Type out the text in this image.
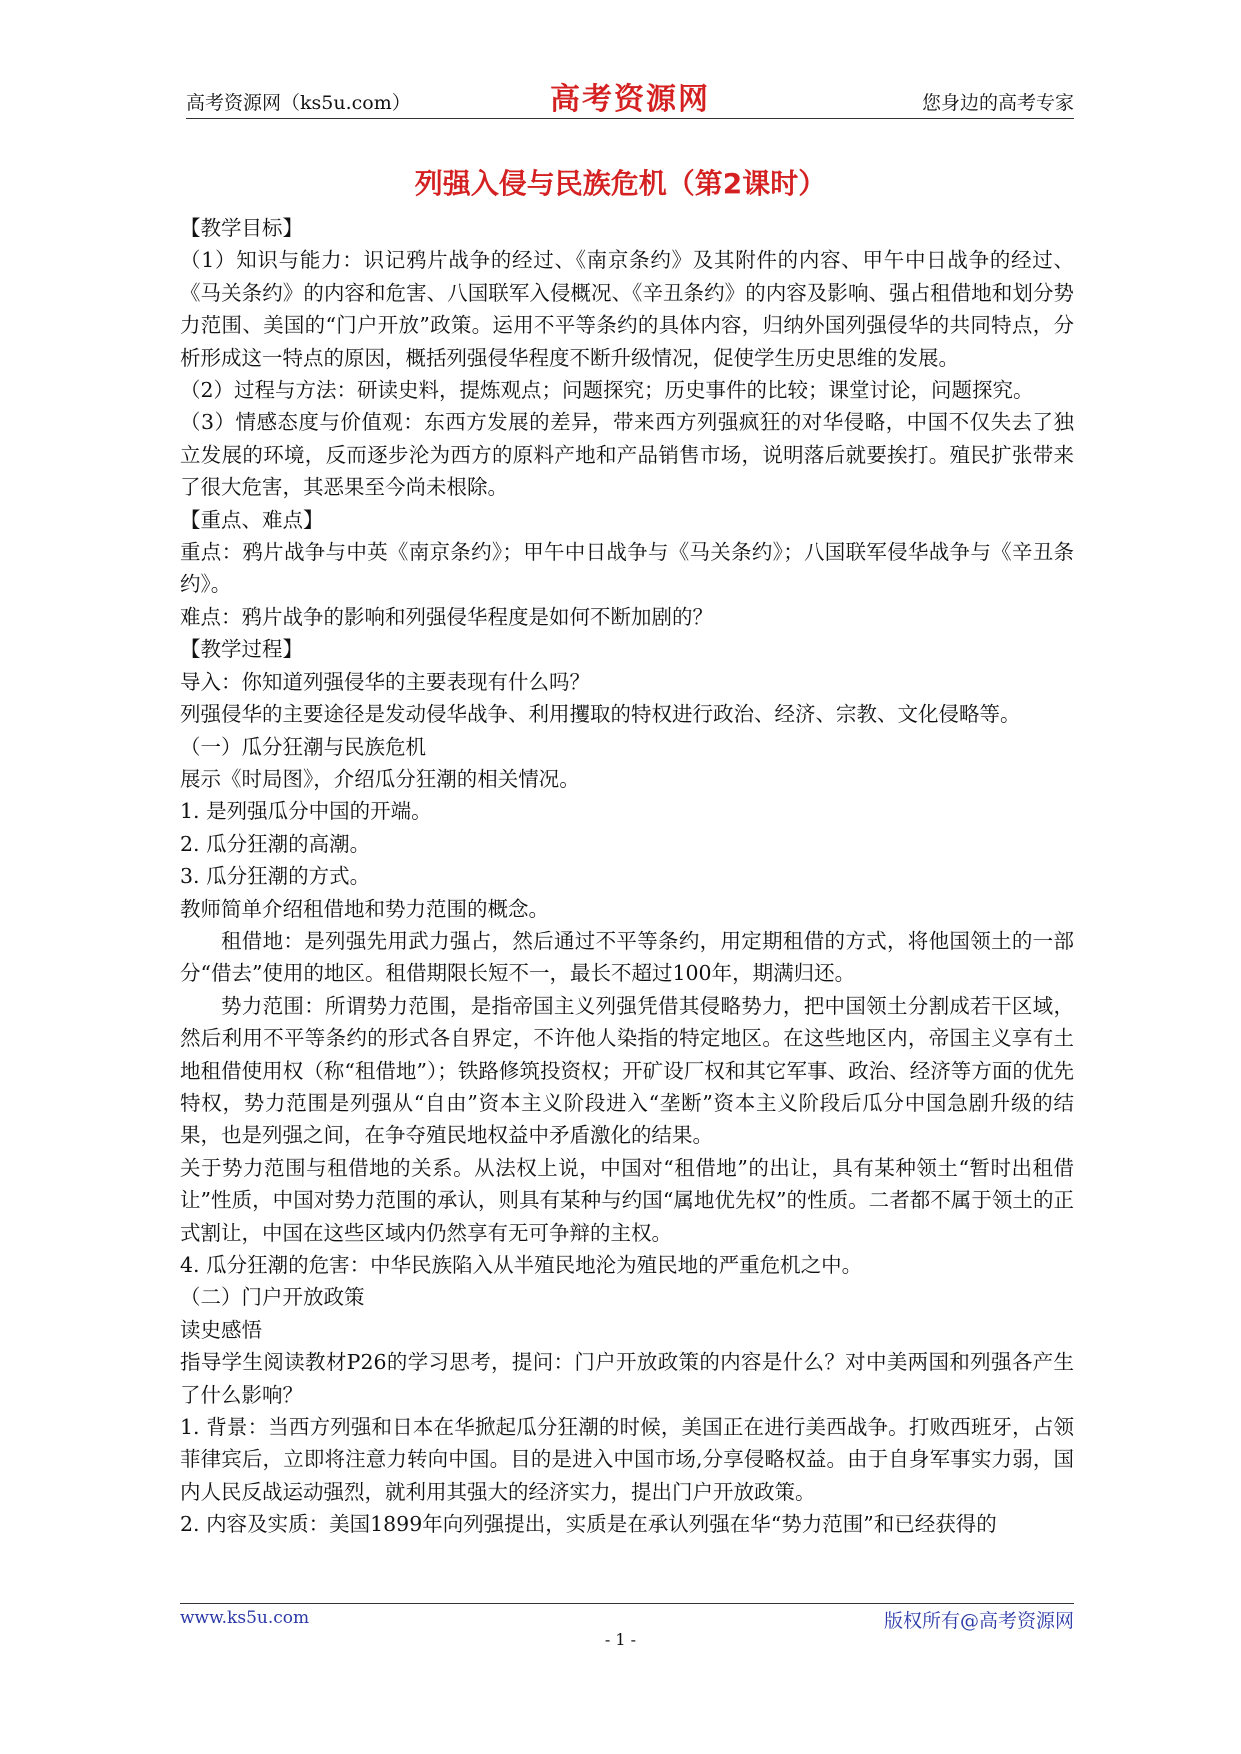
高考资源网（ks5u.com）	高考资源网	您身边的高考专家
列强入侵与民族危机（第2课时）

【教学目标】

（1）知识与能力：识记鸦片战争的经过、《南京条约》及其附件的内容、甲午中日战争的经过、《马关条约》的内容和危害、八国联军入侵概况、《辛丑条约》的内容及影响、强占租借地和划分势力范围、美国的“门户开放”政策。运用不平等条约的具体内容，归纳外国列强侵华的共同特点，分析形成这一特点的原因，概括列强侵华程度不断升级情况，促使学生历史思维的发展。

（2）过程与方法：研读史料，提炼观点；问题探究；历史事件的比较；课堂讨论，问题探究。

（3）情感态度与价值观：东西方发展的差异，带来西方列强疯狂的对华侵略，中国不仅失去了独立发展的环境，反而逐步沦为西方的原料产地和产品销售市场，说明落后就要挨打。殖民扩张带来了很大危害，其恶果至今尚未根除。

【重点、难点】

重点：鸦片战争与中英《南京条约》；甲午中日战争与《马关条约》；八国联军侵华战争与《辛丑条约》。

难点：鸦片战争的影响和列强侵华程度是如何不断加剧的？

【教学过程】

导入：你知道列强侵华的主要表现有什么吗？

列强侵华的主要途径是发动侵华战争、利用攫取的特权进行政治、经济、宗教、文化侵略等。

（一）瓜分狂潮与民族危机

展示《时局图》，介绍瓜分狂潮的相关情况。

1. 是列强瓜分中国的开端。

2. 瓜分狂潮的高潮。

3. 瓜分狂潮的方式。

教师简单介绍租借地和势力范围的概念。

租借地：是列强先用武力强占，然后通过不平等条约，用定期租借的方式，将他国领土的一部分“借去”使用的地区。租借期限长短不一，最长不超过100年，期满归还。

势力范围：所谓势力范围，是指帝国主义列强凭借其侵略势力，把中国领土分割成若干区域，然后利用不平等条约的形式各自界定，不许他人染指的特定地区。在这些地区内，帝国主义享有土地租借使用权（称“租借地”）；铁路修筑投资权；开矿设厂权和其它军事、政治、经济等方面的优先特权，势力范围是列强从“自由”资本主义阶段进入“垄断”资本主义阶段后瓜分中国急剧升级的结果，也是列强之间，在争夺殖民地权益中矛盾激化的结果。

关于势力范围与租借地的关系。从法权上说，中国对“租借地”的出让，具有某种领土“暂时出租借让”性质，中国对势力范围的承认，则具有某种与约国“属地优先权”的性质。二者都不属于领土的正式割让，中国在这些区域内仍然享有无可争辩的主权。

4. 瓜分狂潮的危害：中华民族陷入从半殖民地沦为殖民地的严重危机之中。

（二）门户开放政策

读史感悟

指导学生阅读教材P26的学习思考，提问：门户开放政策的内容是什么？对中美两国和列强各产生了什么影响？

1. 背景：当西方列强和日本在华掀起瓜分狂潮的时候，美国正在进行美西战争。打败西班牙，占领菲律宾后，立即将注意力转向中国。目的是进入中国市场,分享侵略权益。由于自身军事实力弱，国内人民反战运动强烈，就利用其强大的经济实力，提出门户开放政策。

2. 内容及实质：美国1899年向列强提出，实质是在承认列强在华“势力范围”和已经获得的

www.ks5u.com	版权所有@高考资源网
- 1 -
